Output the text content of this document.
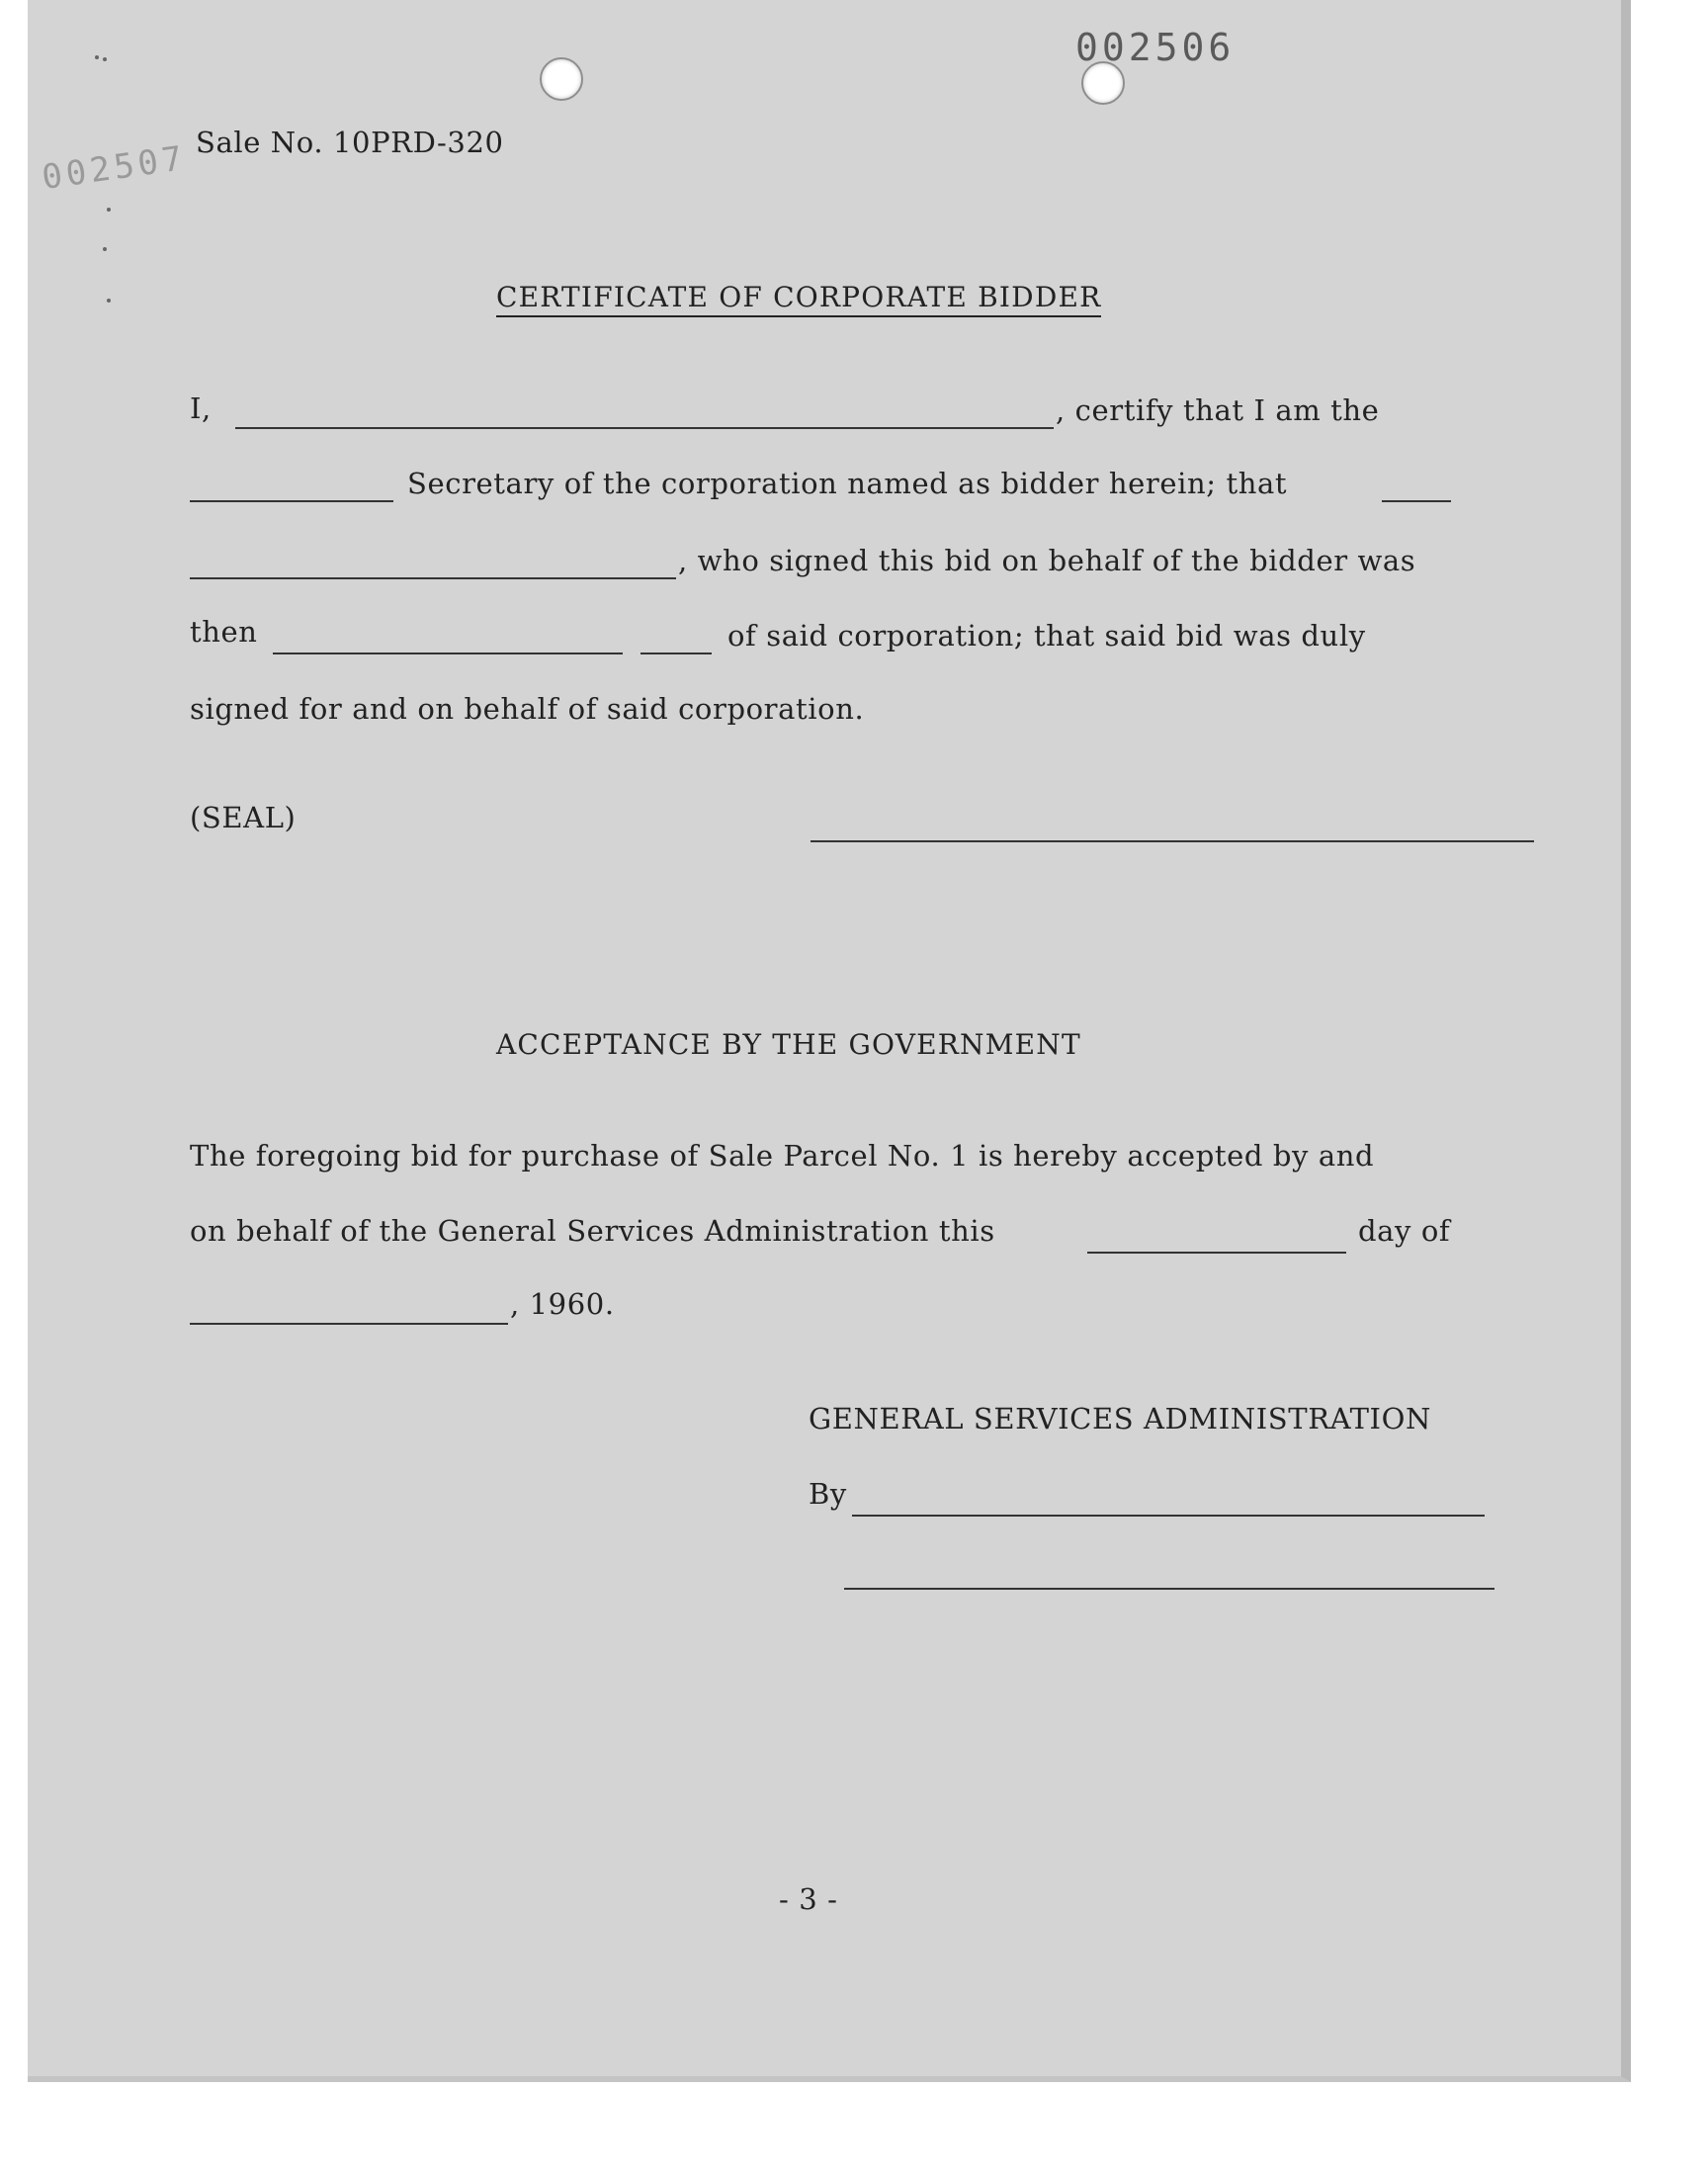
002506
002507 Sale No. 10PRD-320
CERTIFICATE OF CORPORATE BIDDER
I,	, certify that I am the
Secretary of the corporation named as bidder herein; that
, who signed this bid on behalf of the bidder was
then	of said corporation; that said bid was duly
signed for and on behalf of said corporation.
(SEAL)
ACCEPTANCE BY THE GOVERNMENT
The foregoing bid for purchase of Sale Parcel No. 1 is hereby accepted by and
on behalf of the General Services Administration this	day of
, 1960.
GENERAL SERVICES ADMINISTRATION
By
- 3 -
